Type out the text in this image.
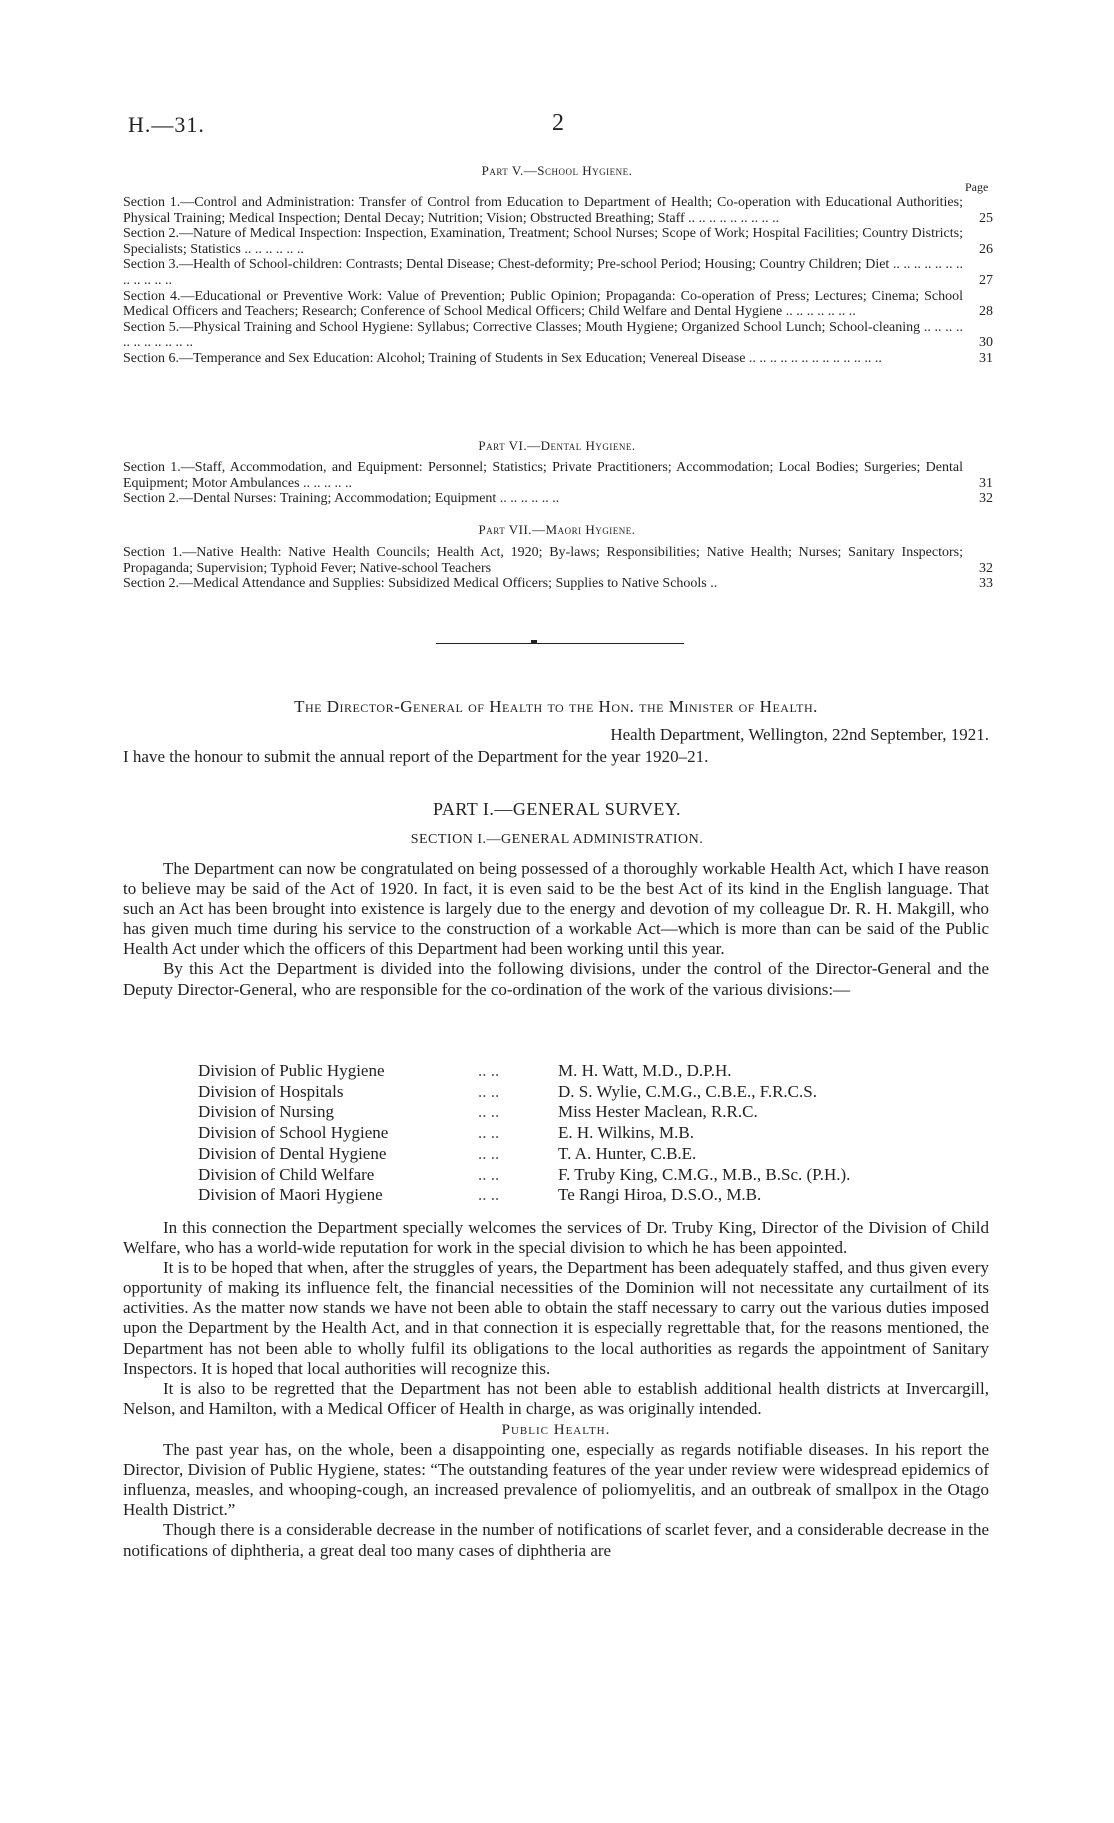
H.—31.	2
Part V.—School Hygiene.
Page
Section 1.—Control and Administration: Transfer of Control from Education to Department of Health; Co-operation with Educational Authorities; Physical Training; Medical Inspection; Dental Decay; Nutrition; Vision; Obstructed Breathing; Staff .. .. .. .. .. .. .. .. ..	25
Section 2.—Nature of Medical Inspection: Inspection, Examination, Treatment; School Nurses; Scope of Work; Hospital Facilities; Country Districts; Specialists; Statistics .. .. .. .. .. ..	26
Section 3.—Health of School-children: Contrasts; Dental Disease; Chest-deformity; Pre-school Period; Housing; Country Children; Diet .. .. .. .. .. .. .. .. .. .. .. ..	27
Section 4.—Educational or Preventive Work: Value of Prevention; Public Opinion; Propaganda: Co-operation of Press; Lectures; Cinema; School Medical Officers and Teachers; Research; Conference of School Medical Officers; Child Welfare and Dental Hygiene .. .. .. .. .. .. ..	28
Section 5.—Physical Training and School Hygiene: Syllabus; Corrective Classes; Mouth Hygiene; Organized School Lunch; School-cleaning .. .. .. .. .. .. .. .. .. .. ..	30
Section 6.—Temperance and Sex Education: Alcohol; Training of Students in Sex Education; Venereal Disease .. .. .. .. .. .. .. .. .. .. .. .. ..	31
Part VI.—Dental Hygiene.
Section 1.—Staff, Accommodation, and Equipment: Personnel; Statistics; Private Practitioners; Accommodation; Local Bodies; Surgeries; Dental Equipment; Motor Ambulances .. .. .. .. ..	31
Section 2.—Dental Nurses: Training; Accommodation; Equipment .. .. .. .. .. ..	32
Part VII.—Maori Hygiene.
Section 1.—Native Health: Native Health Councils; Health Act, 1920; By-laws; Responsibilities; Native Health; Nurses; Sanitary Inspectors; Propaganda; Supervision; Typhoid Fever; Native-school Teachers	32
Section 2.—Medical Attendance and Supplies: Subsidized Medical Officers; Supplies to Native Schools ..	33
The Director-General of Health to the Hon. the Minister of Health.
Health Department, Wellington, 22nd September, 1921.
I have the honour to submit the annual report of the Department for the year 1920–21.
PART I.—GENERAL SURVEY.
SECTION I.—GENERAL ADMINISTRATION.

The Department can now be congratulated on being possessed of a thoroughly workable Health Act, which I have reason to believe may be said of the Act of 1920. In fact, it is even said to be the best Act of its kind in the English language. That such an Act has been brought into existence is largely due to the energy and devotion of my colleague Dr. R. H. Makgill, who has given much time during his service to the construction of a workable Act—which is more than can be said of the Public Health Act under which the officers of this Department had been working until this year.

By this Act the Department is divided into the following divisions, under the control of the Director-General and the Deputy Director-General, who are responsible for the co-ordination of the work of the various divisions:—

Division of Public Hygiene	.. ..	M. H. Watt, M.D., D.P.H.
Division of Hospitals	.. ..	D. S. Wylie, C.M.G., C.B.E., F.R.C.S.
Division of Nursing	.. ..	Miss Hester Maclean, R.R.C.
Division of School Hygiene	.. ..	E. H. Wilkins, M.B.
Division of Dental Hygiene	.. ..	T. A. Hunter, C.B.E.
Division of Child Welfare	.. ..	F. Truby King, C.M.G., M.B., B.Sc. (P.H.).
Division of Maori Hygiene	.. ..	Te Rangi Hiroa, D.S.O., M.B.

In this connection the Department specially welcomes the services of Dr. Truby King, Director of the Division of Child Welfare, who has a world-wide reputation for work in the special division to which he has been appointed.

It is to be hoped that when, after the struggles of years, the Department has been adequately staffed, and thus given every opportunity of making its influence felt, the financial necessities of the Dominion will not necessitate any curtailment of its activities. As the matter now stands we have not been able to obtain the staff necessary to carry out the various duties imposed upon the Department by the Health Act, and in that connection it is especially regrettable that, for the reasons mentioned, the Department has not been able to wholly fulfil its obligations to the local authorities as regards the appointment of Sanitary Inspectors. It is hoped that local authorities will recognize this.

It is also to be regretted that the Department has not been able to establish additional health districts at Invercargill, Nelson, and Hamilton, with a Medical Officer of Health in charge, as was originally intended.

Public Health.

The past year has, on the whole, been a disappointing one, especially as regards notifiable diseases. In his report the Director, Division of Public Hygiene, states: “The outstanding features of the year under review were widespread epidemics of influenza, measles, and whooping-cough, an increased prevalence of poliomyelitis, and an outbreak of smallpox in the Otago Health District.”

Though there is a considerable decrease in the number of notifications of scarlet fever, and a considerable decrease in the notifications of diphtheria, a great deal too many cases of diphtheria are
